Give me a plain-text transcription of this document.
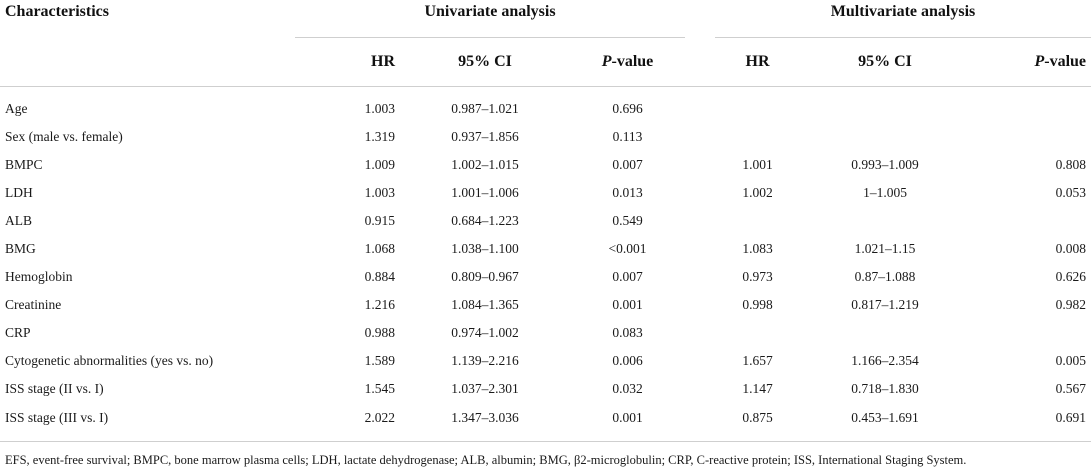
Characteristics	Univariate analysis				Multivariate analysis		
	HR	95% CI	P-value		HR	95% CI	P-value
Age	1.003	0.987–1.021	0.696				
Sex (male vs. female)	1.319	0.937–1.856	0.113				
BMPC	1.009	1.002–1.015	0.007		1.001	0.993–1.009	0.808
LDH	1.003	1.001–1.006	0.013		1.002	1–1.005	0.053
ALB	0.915	0.684–1.223	0.549				
BMG	1.068	1.038–1.100	<0.001		1.083	1.021–1.15	0.008
Hemoglobin	0.884	0.809–0.967	0.007		0.973	0.87–1.088	0.626
Creatinine	1.216	1.084–1.365	0.001		0.998	0.817–1.219	0.982
CRP	0.988	0.974–1.002	0.083				
Cytogenetic abnormalities (yes vs. no)	1.589	1.139–2.216	0.006		1.657	1.166–2.354	0.005
ISS stage (II vs. I)	1.545	1.037–2.301	0.032		1.147	0.718–1.830	0.567
ISS stage (III vs. I)	2.022	1.347–3.036	0.001		0.875	0.453–1.691	0.691
EFS, event-free survival; BMPC, bone marrow plasma cells; LDH, lactate dehydrogenase; ALB, albumin; BMG, β2-microglobulin; CRP, C-reactive protein; ISS, International Staging System.
